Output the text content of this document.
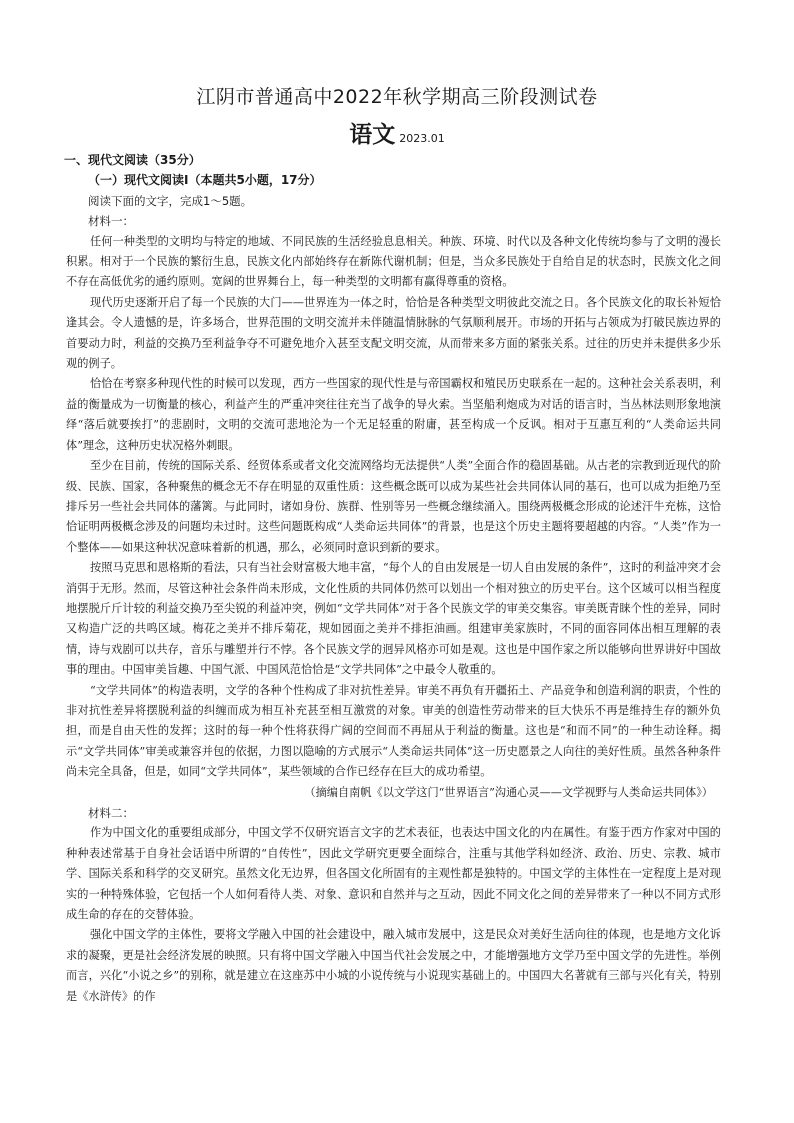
江阴市普通高中2022年秋学期高三阶段测试卷
语文 2023.01
一、现代文阅读（35分）
（一）现代文阅读Ⅰ（本题共5小题，17分）
阅读下面的文字，完成1～5题。
材料一：

任何一种类型的文明均与特定的地域、不同民族的生活经验息息相关。种族、环境、时代以及各种文化传统均参与了文明的漫长积累。相对于一个民族的繁衍生息，民族文化内部始终存在新陈代谢机制；但是，当众多民族处于自给自足的状态时，民族文化之间不存在高低优劣的通约原则。宽阔的世界舞台上，每一种类型的文明都有赢得尊重的资格。

现代历史逐渐开启了每一个民族的大门——世界连为一体之时，恰恰是各种类型文明彼此交流之日。各个民族文化的取长补短恰逢其会。令人遗憾的是，许多场合，世界范围的文明交流并未伴随温情脉脉的气氛顺利展开。市场的开拓与占领成为打破民族边界的首要动力时，利益的交换乃至利益争夺不可避免地介入甚至支配文明交流，从而带来多方面的紧张关系。过往的历史并未提供多少乐观的例子。

恰恰在考察多种现代性的时候可以发现，西方一些国家的现代性是与帝国霸权和殖民历史联系在一起的。这种社会关系表明，利益的衡量成为一切衡量的核心，利益产生的严重冲突往往充当了战争的导火索。当坚船利炮成为对话的语言时，当丛林法则形象地演绎“落后就要挨打”的悲剧时，文明的交流可悲地沦为一个无足轻重的附庸，甚至构成一个反讽。相对于互惠互利的“人类命运共同体”理念，这种历史状况格外刺眼。

至少在目前，传统的国际关系、经贸体系或者文化交流网络均无法提供“人类”全面合作的稳固基础。从古老的宗教到近现代的阶级、民族、国家，各种聚焦的概念无不存在明显的双重性质：这些概念既可以成为某些社会共同体认同的基石，也可以成为拒绝乃至排斥另一些社会共同体的藩篱。与此同时，诸如身份、族群、性别等另一些概念继续涌入。围绕两极概念形成的论述汗牛充栋，这恰恰证明两极概念涉及的问题均未过时。这些问题既构成“人类命运共同体”的背景，也是这个历史主题将要超越的内容。“人类”作为一个整体——如果这种状况意味着新的机遇，那么，必须同时意识到新的要求。

按照马克思和恩格斯的看法，只有当社会财富极大地丰富，“每个人的自由发展是一切人自由发展的条件”，这时的利益冲突才会消弭于无形。然而，尽管这种社会条件尚未形成，文化性质的共同体仍然可以划出一个相对独立的历史平台。这个区域可以相当程度地摆脱斤斤计较的利益交换乃至尖锐的利益冲突，例如“文学共同体”对于各个民族文学的审美交集容。审美既青睐个性的差异，同时又构造广泛的共鸣区域。梅花之美并不排斥菊花，规如园面之美并不排拒油画。组建审美家族时，不同的面容同体出相互理解的表情，诗与戏剧可以共存，音乐与雕塑并行不悖。各个民族文学的迥异风格亦可如是观。这也是中国作家之所以能够向世界讲好中国故事的理由。中国审美旨趣、中国气派、中国风范恰恰是“文学共同体”之中最令人敬重的。

“文学共同体”的构造表明，文学的各种个性构成了非对抗性差异。审美不再负有开疆拓土、产品竞争和创造利润的职责，个性的非对抗性差异将摆脱利益的纠缠而成为相互补充甚至相互激赏的对象。审美的创造性劳动带来的巨大快乐不再是维持生存的额外负担，而是自由天性的发挥；这时的每一种个性将获得广阔的空间而不再屈从于利益的衡量。这也是“和而不同”的一种生动诠释。揭示“文学共同体”审美或兼容并包的依据，力图以隐喻的方式展示“人类命运共同体”这一历史愿景之人向往的美好性质。虽然各种条件尚未完全具备，但是，如同“文学共同体”，某些领域的合作已经存在巨大的成功希望。

（摘编自南帆《以文学这门“世界语言”沟通心灵——文学视野与人类命运共同体》）

材料二：

作为中国文化的重要组成部分，中国文学不仅研究语言文字的艺术表征，也表达中国文化的内在属性。有鉴于西方作家对中国的种种表述常基于自身社会话语中所谓的“自传性”，因此文学研究更要全面综合，注重与其他学科如经济、政治、历史、宗教、城市学、国际关系和科学的交叉研究。虽然文化无边界，但各国文化所固有的主观性都是独特的。中国文学的主体性在一定程度上是对现实的一种特殊体验，它包括一个人如何看待人类、对象、意识和自然并与之互动，因此不同文化之间的差异带来了一种以不同方式形成生命的存在的交替体验。

强化中国文学的主体性，要将文学融入中国的社会建设中，融入城市发展中，这是民众对美好生活向往的体现，也是地方文化诉求的凝聚，更是社会经济发展的映照。只有将中国文学融入中国当代社会发展之中，才能增强地方文学乃至中国文学的先进性。举例而言，兴化“小说之乡”的别称，就是建立在这座苏中小城的小说传统与小说现实基础上的。中国四大名著就有三部与兴化有关，特别是《水浒传》的作
